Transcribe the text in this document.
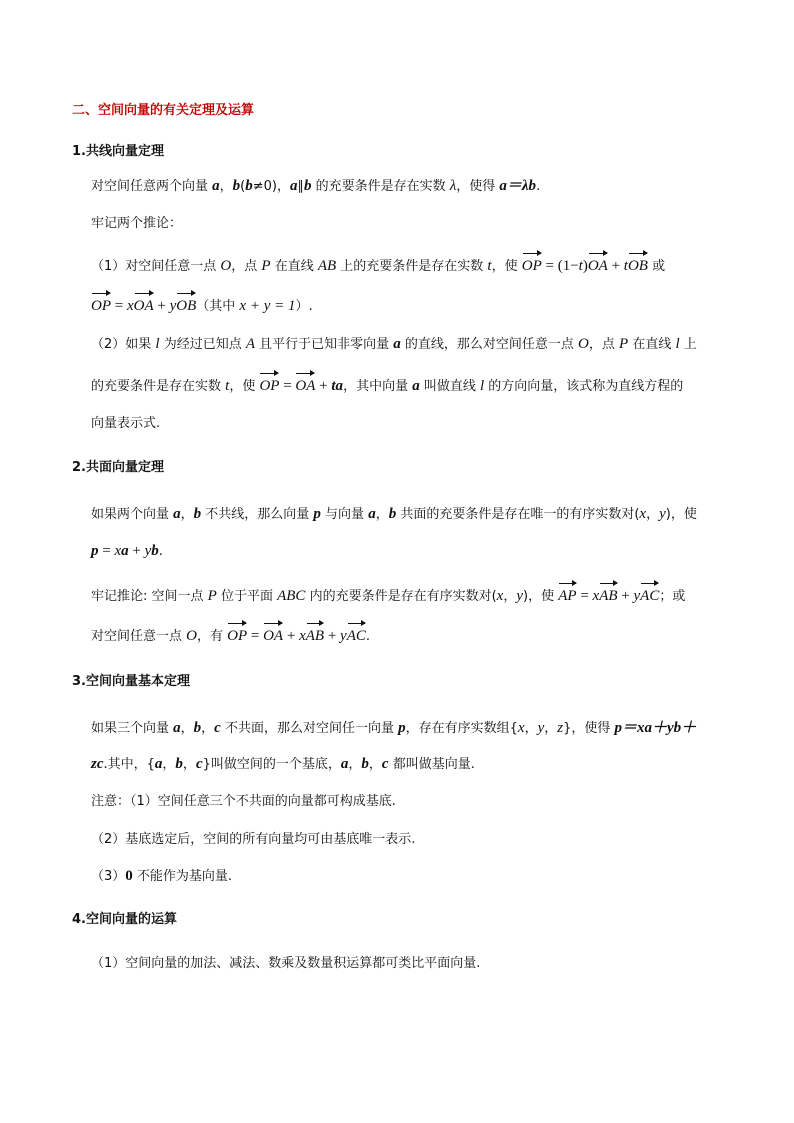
二、空间向量的有关定理及运算
1.共线向量定理
对空间任意两个向量 a，b(b≠0)，a∥b 的充要条件是存在实数 λ，使得 a＝λb.
牢记两个推论：
（1）对空间任意一点 O，点 P 在直线 AB 上的充要条件是存在实数 t，使 OP = (1−t)OA + tOB 或
OP = xOA + yOB（其中 x + y = 1）.
（2）如果 l 为经过已知点 A 且平行于已知非零向量 a 的直线，那么对空间任意一点 O，点 P 在直线 l 上
的充要条件是存在实数 t，使 OP = OA + ta，其中向量 a 叫做直线 l 的方向向量，该式称为直线方程的
向量表示式.
2.共面向量定理
如果两个向量 a，b 不共线，那么向量 p 与向量 a，b 共面的充要条件是存在唯一的有序实数对(x，y)，使
p = xa + yb.
牢记推论: 空间一点 P 位于平面 ABC 内的充要条件是存在有序实数对(x，y)，使 AP = xAB + yAC；或
对空间任意一点 O，有 OP = OA + xAB + yAC.
3.空间向量基本定理
如果三个向量 a，b，c 不共面，那么对空间任一向量 p，存在有序实数组{x，y，z}，使得 p＝xa＋yb＋
zc.其中，{a，b，c}叫做空间的一个基底，a，b，c 都叫做基向量.
注意：（1）空间任意三个不共面的向量都可构成基底.
（2）基底选定后，空间的所有向量均可由基底唯一表示.
（3）0 不能作为基向量.
4.空间向量的运算
（1）空间向量的加法、减法、数乘及数量积运算都可类比平面向量.
